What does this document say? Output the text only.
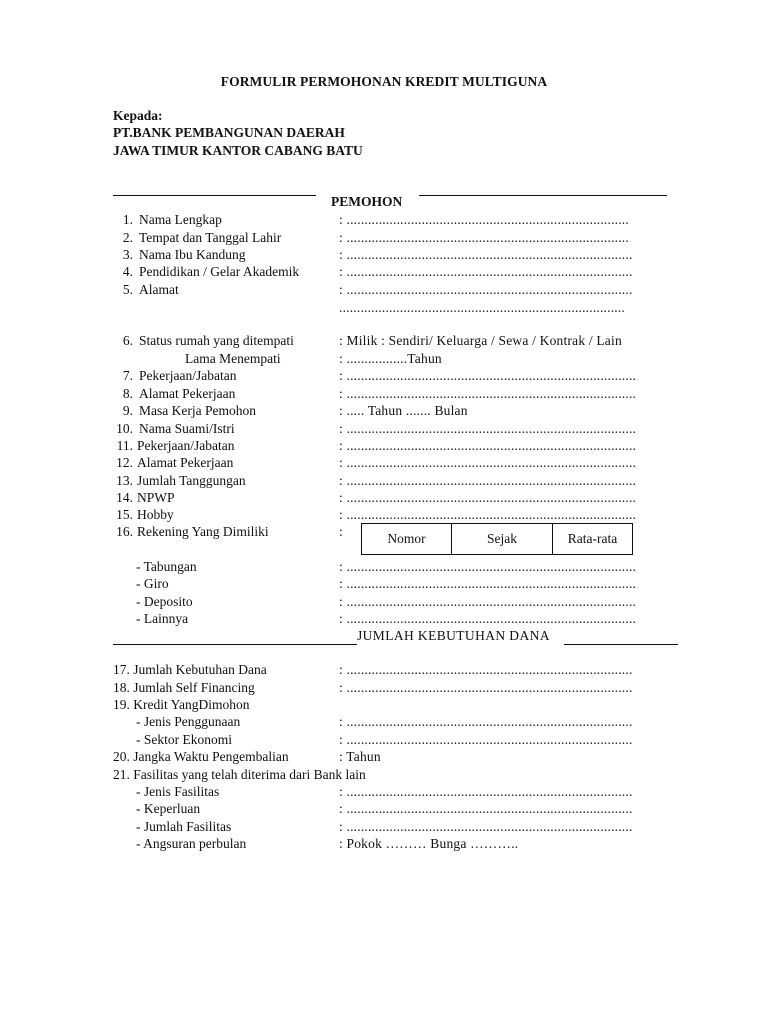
FORMULIR PERMOHONAN KREDIT MULTIGUNA
Kepada:
PT.BANK PEMBANGUNAN DAERAH
JAWA TIMUR KANTOR CABANG BATU
PEMOHON
1. Nama Lengkap	: ...............................................................................
2. Tempat dan Tanggal Lahir	: ...............................................................................
3. Nama Ibu Kandung	: ................................................................................
4. Pendidikan / Gelar Akademik	: ................................................................................
5. Alamat	: ................................................................................
................................................................................
6. Status rumah yang ditempati	: Milik : Sendiri/ Keluarga / Sewa / Kontrak / Lain
Lama Menempati	: .................Tahun
7. Pekerjaan/Jabatan	: .................................................................................
8. Alamat Pekerjaan	: .................................................................................
9. Masa Kerja Pemohon	: ..... Tahun ....... Bulan
10. Nama Suami/Istri	: .................................................................................
11. Pekerjaan/Jabatan	: .................................................................................
12. Alamat Pekerjaan	: .................................................................................
13. Jumlah Tanggungan	: .................................................................................
14. NPWP	: .................................................................................
15. Hobby	: .................................................................................
16. Rekening Yang Dimiliki	:
- Tabungan	: .................................................................................
- Giro	: .................................................................................
- Deposito	: .................................................................................
- Lainnya	: .................................................................................
Nomor	Sejak	Rata-rata
JUMLAH KEBUTUHAN DANA
17. Jumlah Kebutuhan Dana	: ................................................................................
18. Jumlah Self Financing	: ................................................................................
19. Kredit YangDimohon
- Jenis Penggunaan	: ................................................................................
- Sektor Ekonomi	: ................................................................................
20. Jangka Waktu Pengembalian	: Tahun
21. Fasilitas yang telah diterima dari Bank lain
- Jenis Fasilitas	: ................................................................................
- Keperluan	: ................................................................................
- Jumlah Fasilitas	: ................................................................................
- Angsuran perbulan	: Pokok ……… Bunga ………..
